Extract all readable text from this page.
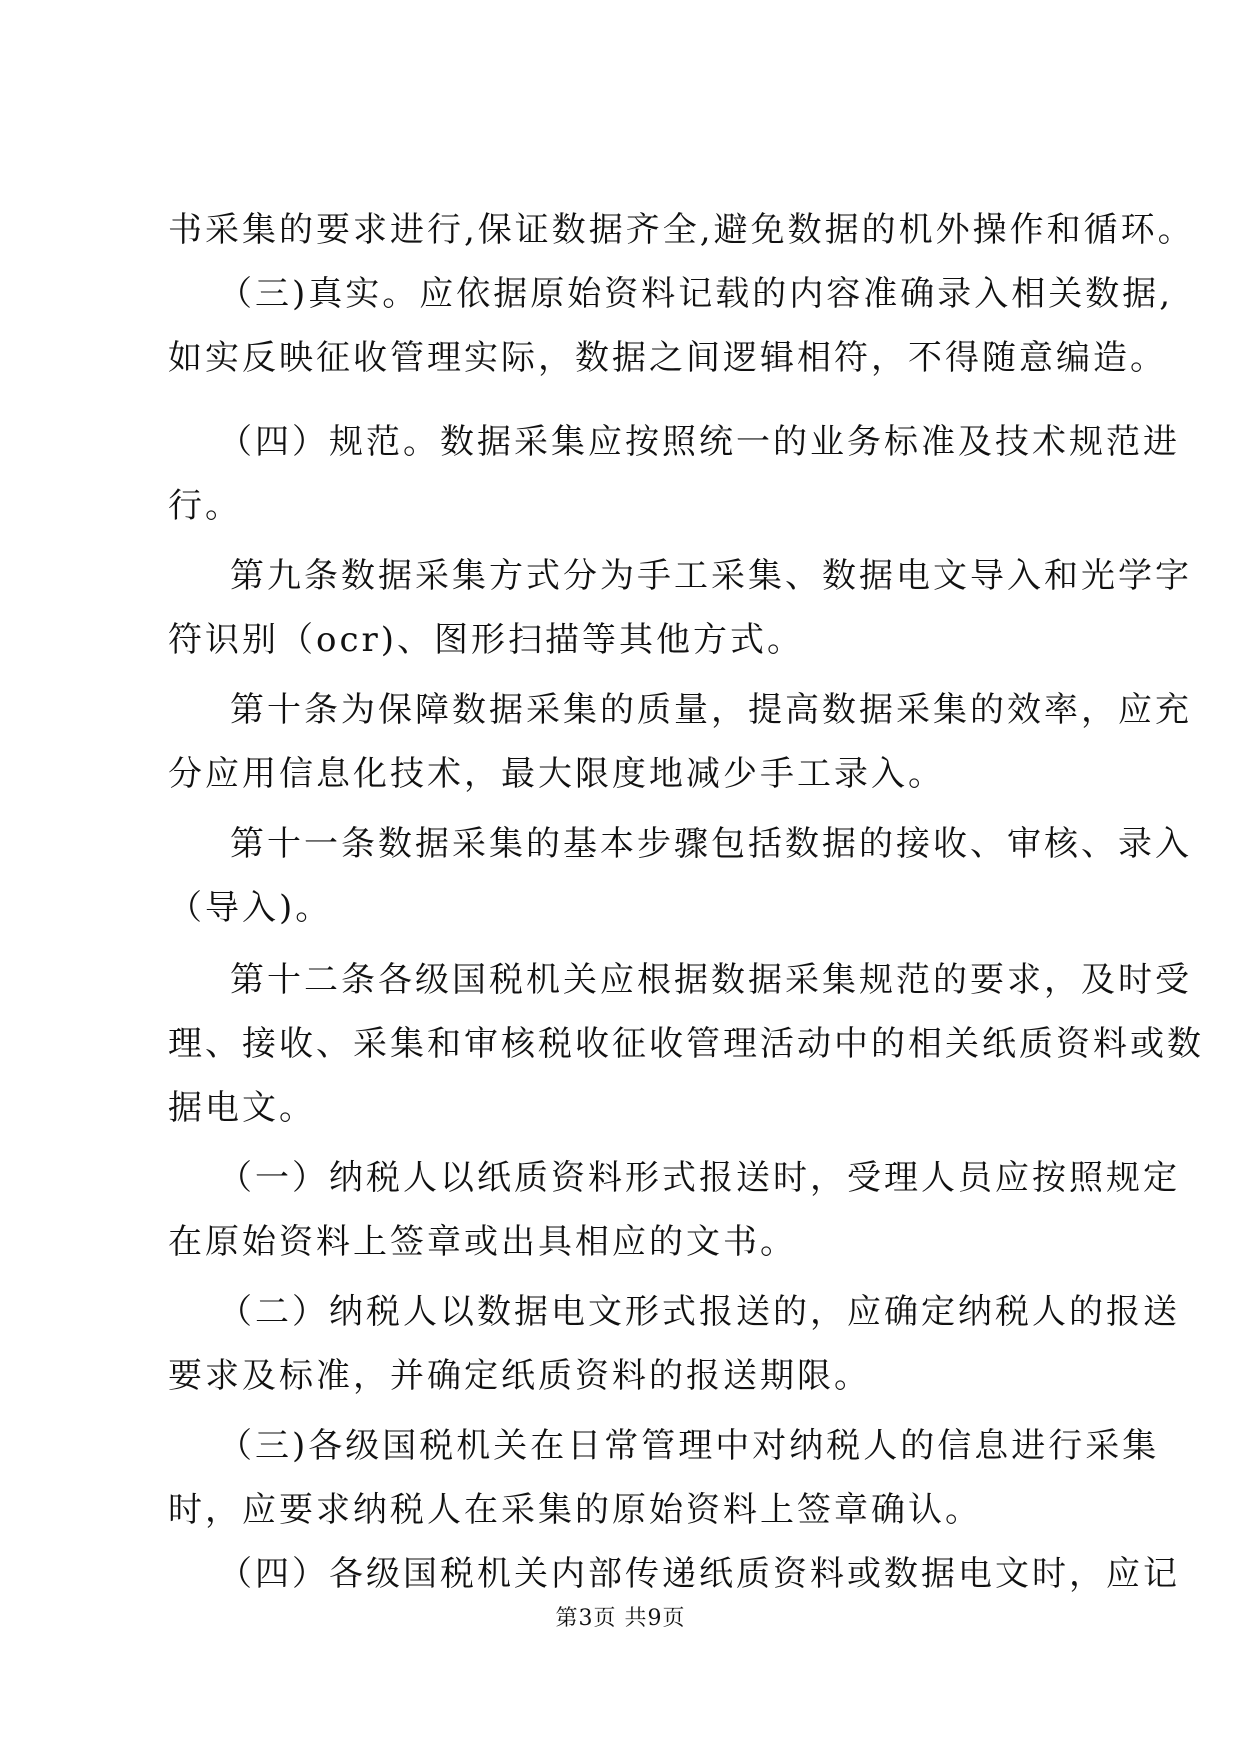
书采集的要求进行,保证数据齐全,避免数据的机外操作和循环。
（三)真实。应依据原始资料记载的内容准确录入相关数据,
如实反映征收管理实际，数据之间逻辑相符，不得随意编造。
（四）规范。数据采集应按照统一的业务标准及技术规范进
行。
第九条数据采集方式分为手工采集、数据电文导入和光学字
符识别（ocr)、图形扫描等其他方式。
第十条为保障数据采集的质量，提高数据采集的效率，应充
分应用信息化技术，最大限度地减少手工录入。
第十一条数据采集的基本步骤包括数据的接收、审核、录入
（导入)。
第十二条各级国税机关应根据数据采集规范的要求，及时受
理、接收、采集和审核税收征收管理活动中的相关纸质资料或数
据电文。
（一）纳税人以纸质资料形式报送时，受理人员应按照规定
在原始资料上签章或出具相应的文书。
（二）纳税人以数据电文形式报送的，应确定纳税人的报送
要求及标准，并确定纸质资料的报送期限。
（三)各级国税机关在日常管理中对纳税人的信息进行采集
时，应要求纳税人在采集的原始资料上签章确认。
（四）各级国税机关内部传递纸质资料或数据电文时，应记
第3页 共9页
